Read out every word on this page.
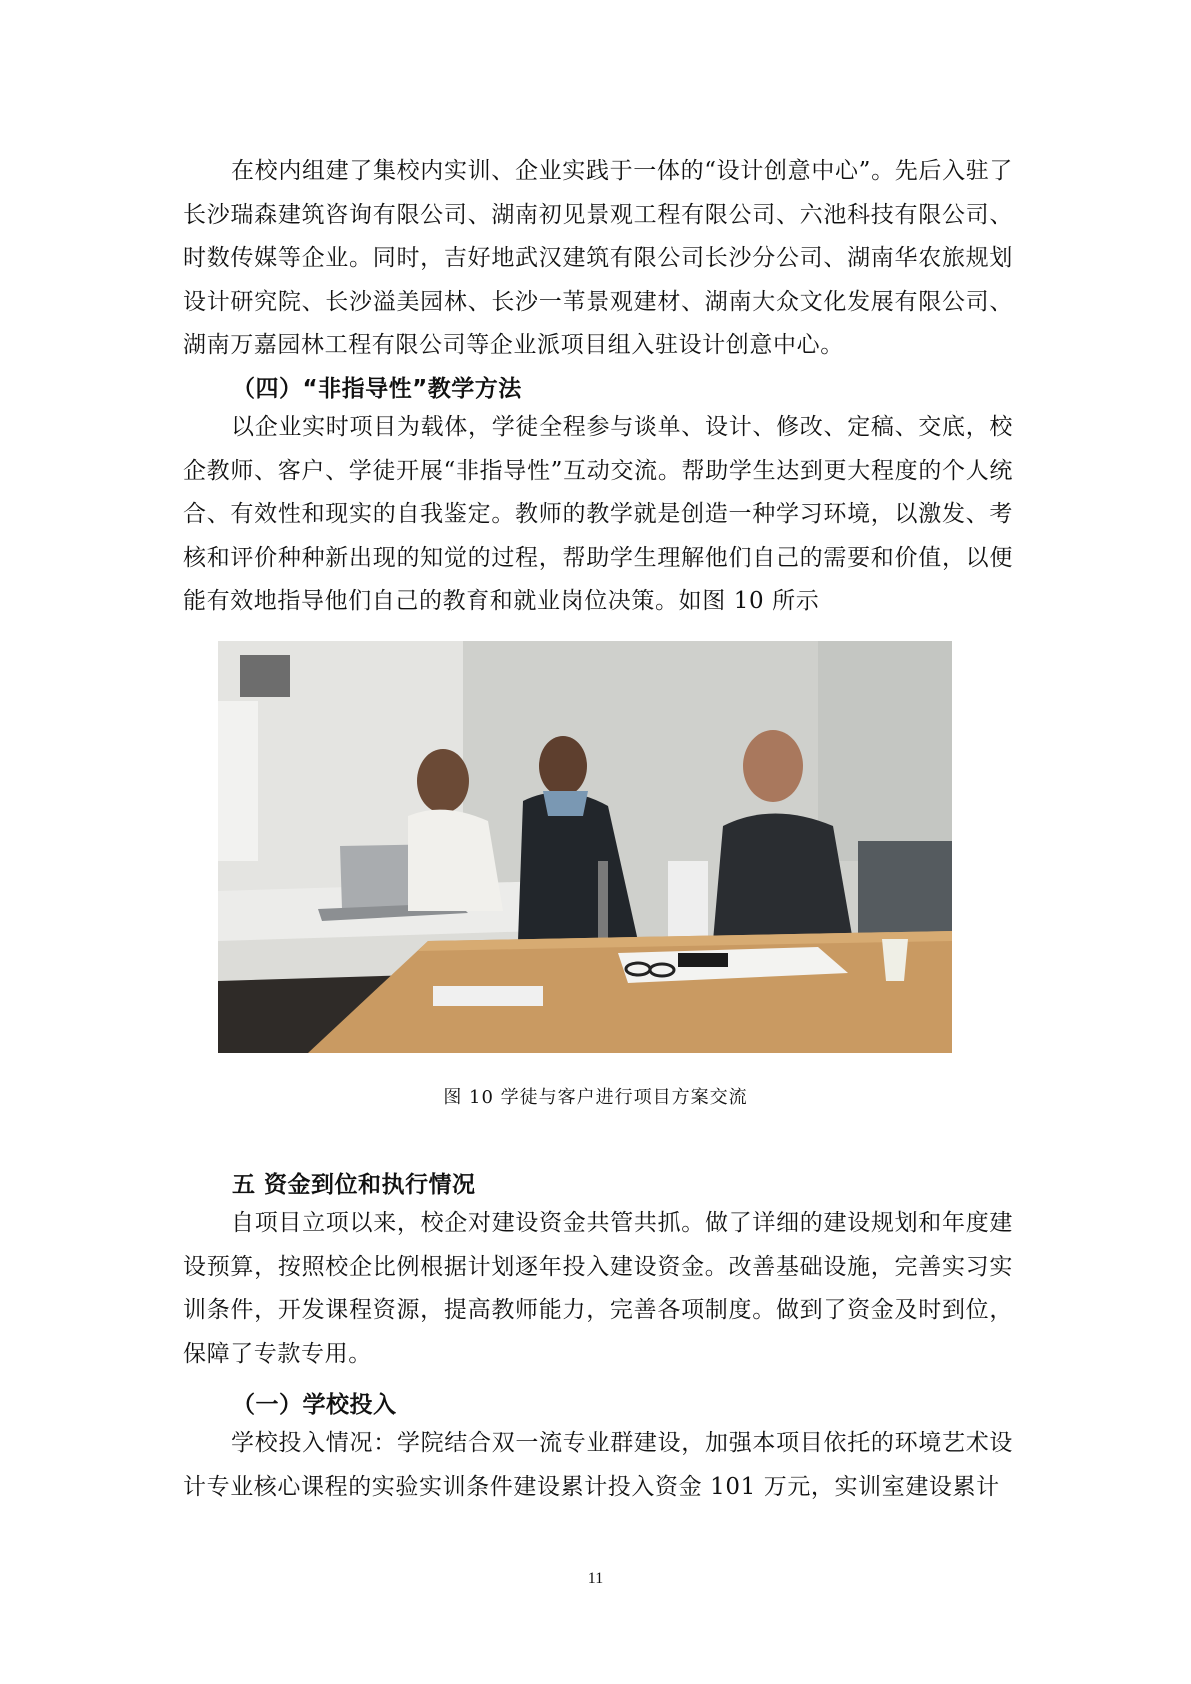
在校内组建了集校内实训、企业实践于一体的“设计创意中心”。先后入驻了长沙瑞森建筑咨询有限公司、湖南初见景观工程有限公司、六池科技有限公司、时数传媒等企业。同时，吉好地武汉建筑有限公司长沙分公司、湖南华农旅规划设计研究院、长沙溢美园林、长沙一苇景观建材、湖南大众文化发展有限公司、湖南万嘉园林工程有限公司等企业派项目组入驻设计创意中心。

（四）“非指导性”教学方法

以企业实时项目为载体，学徒全程参与谈单、设计、修改、定稿、交底，校企教师、客户、学徒开展“非指导性”互动交流。帮助学生达到更大程度的个人统合、有效性和现实的自我鉴定。教师的教学就是创造一种学习环境，以激发、考核和评价种种新出现的知觉的过程，帮助学生理解他们自己的需要和价值，以便能有效地指导他们自己的教育和就业岗位决策。如图 10 所示

图 10 学徒与客户进行项目方案交流

五 资金到位和执行情况

自项目立项以来，校企对建设资金共管共抓。做了详细的建设规划和年度建设预算，按照校企比例根据计划逐年投入建设资金。改善基础设施，完善实习实训条件，开发课程资源，提高教师能力，完善各项制度。做到了资金及时到位，保障了专款专用。

（一）学校投入

学校投入情况：学院结合双一流专业群建设，加强本项目依托的环境艺术设计专业核心课程的实验实训条件建设累计投入资金 101 万元，实训室建设累计

11
